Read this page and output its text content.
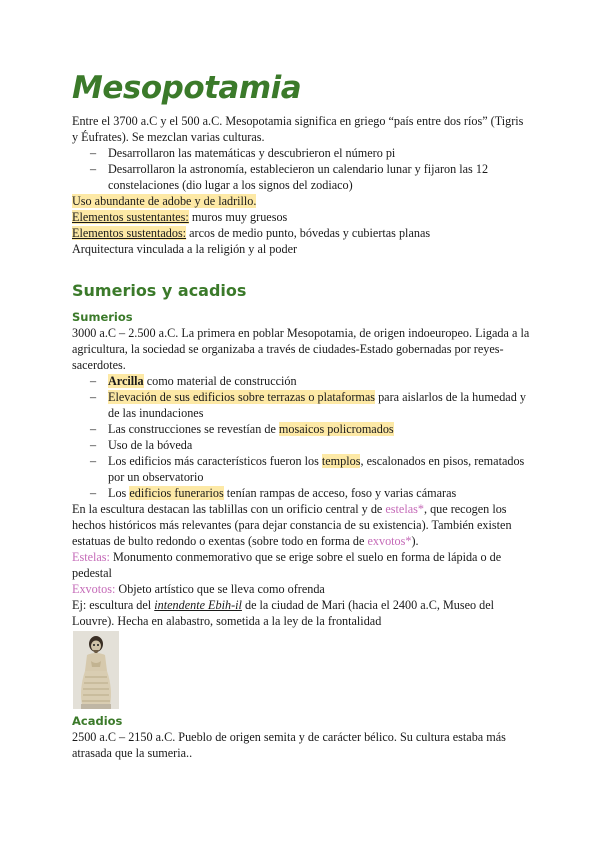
Mesopotamia

Entre el 3700 a.C y el 500 a.C. Mesopotamia significa en griego “país entre dos ríos” (Tigris y Éufrates). Se mezclan varias culturas.

– Desarrollaron las matemáticas y descubrieron el número pi
– Desarrollaron la astronomía, establecieron un calendario lunar y fijaron las 12 constelaciones (dio lugar a los signos del zodiaco)

Uso abundante de adobe y de ladrillo.

Elementos sustentantes: muros muy gruesos

Elementos sustentados: arcos de medio punto, bóvedas y cubiertas planas

Arquitectura vinculada a la religión y al poder

Sumerios y acadios

Sumerios

3000 a.C – 2.500 a.C. La primera en poblar Mesopotamia, de origen indoeuropeo. Ligada a la agricultura, la sociedad se organizaba a través de ciudades-Estado gobernadas por reyes-sacerdotes.

– Arcilla como material de construcción
– Elevación de sus edificios sobre terrazas o plataformas para aislarlos de la humedad y de las inundaciones
– Las construcciones se revestían de mosaicos policromados
– Uso de la bóveda
– Los edificios más característicos fueron los templos, escalonados en pisos, rematados por un observatorio
– Los edificios funerarios tenían rampas de acceso, foso y varias cámaras

En la escultura destacan las tablillas con un orificio central y de estelas*, que recogen los hechos históricos más relevantes (para dejar constancia de su existencia). También existen estatuas de bulto redondo o exentas (sobre todo en forma de exvotos*).

Estelas: Monumento conmemorativo que se erige sobre el suelo en forma de lápida o de pedestal

Exvotos: Objeto artístico que se lleva como ofrenda

Ej: escultura del intendente Ebih-il de la ciudad de Mari (hacia el 2400 a.C, Museo del Louvre). Hecha en alabastro, sometida a la ley de la frontalidad

Acadios

2500 a.C – 2150 a.C. Pueblo de origen semita y de carácter bélico. Su cultura estaba más atrasada que la sumeria..
